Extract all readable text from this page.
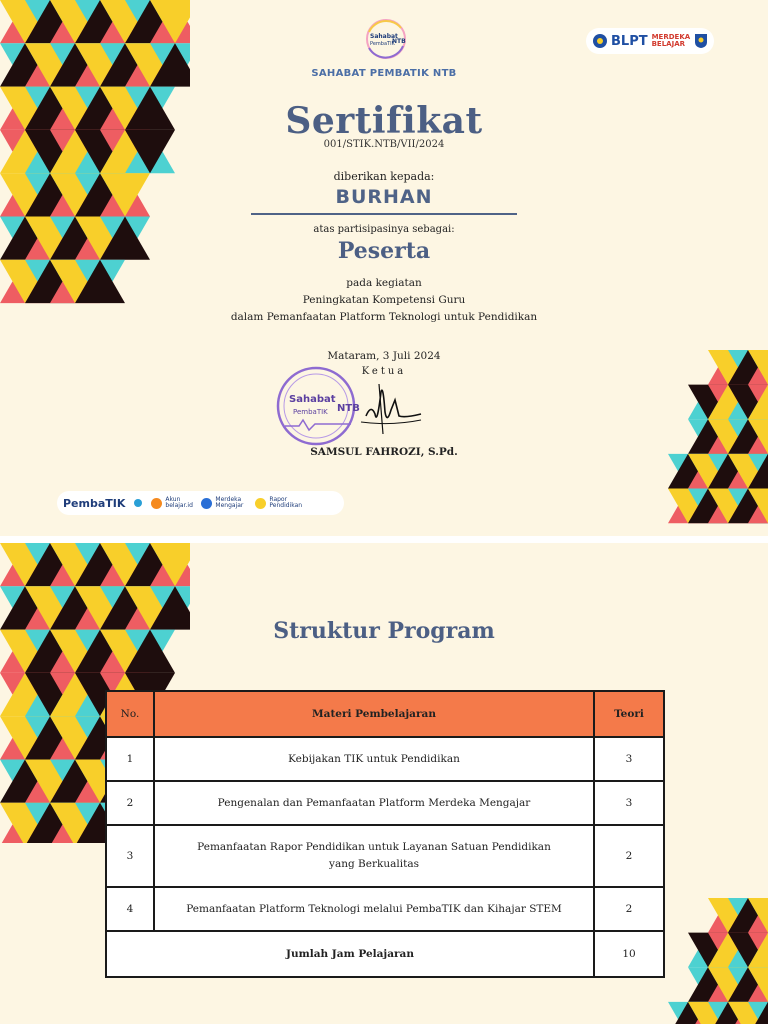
Sahabat
PembaTIK
NTB	BLPT MERDEKA BELAJAR
SAHABAT PEMBATIK NTB
Sertifikat
001/STIK.NTB/VII/2024
diberikan kepada:
BURHAN
atas partisipasinya sebagai:
Peserta
pada kegiatan
Peningkatan Kompetensi Guru
dalam Pemanfaatan Platform Teknologi untuk Pendidikan
Mataram, 3 Juli 2024
Ketua
Sahabat
PembaTIK NTB
SAMSUL FAHROZI, S.Pd.
PembaTIK	Akun belajar.id
Merdeka Mengajar
Rapor Pendidikan
Struktur Program
No.	Materi Pembelajaran	Teori
1	Kebijakan TIK untuk Pendidikan	3
2	Pengenalan dan Pemanfaatan Platform Merdeka Mengajar	3
3	Pemanfaatan Rapor Pendidikan untuk Layanan Satuan Pendidikan yang Berkualitas	2
4	Pemanfaatan Platform Teknologi melalui PembaTIK dan Kihajar STEM	2
Jumlah Jam Pelajaran		10
